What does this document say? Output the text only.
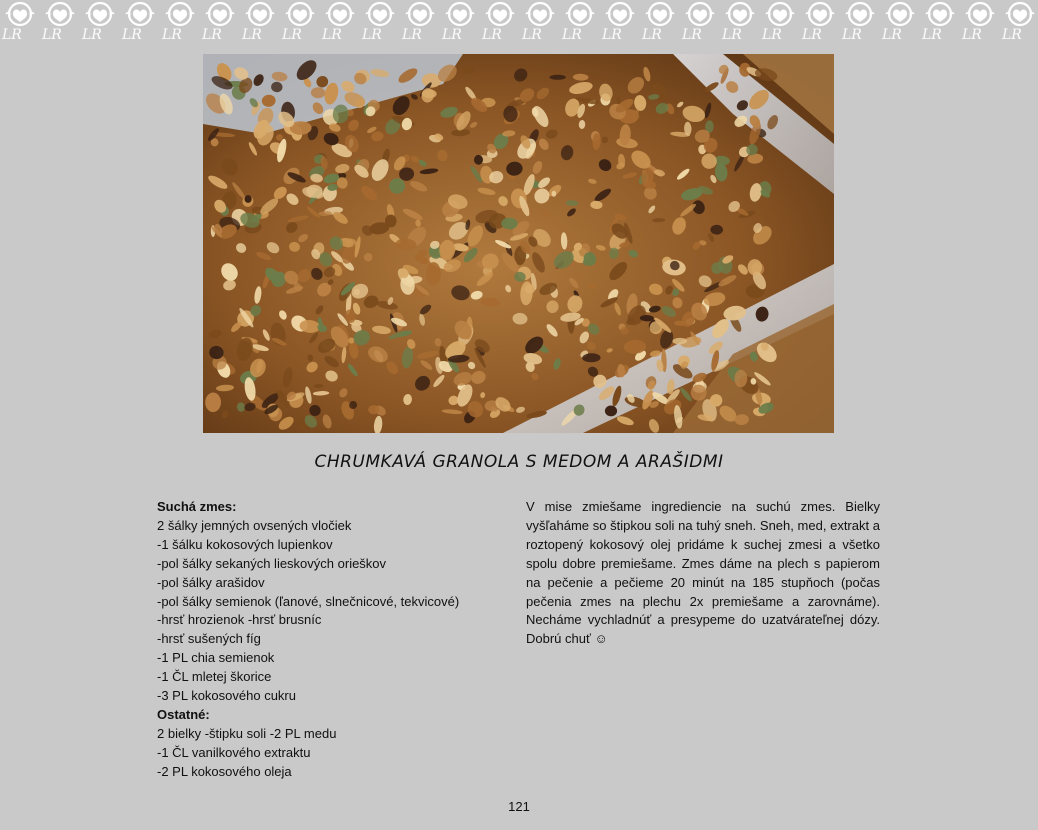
LR LR LR LR LR LR LR LR LR LR LR LR LR LR LR LR LR LR LR LR LR LR LR LR LR LR
CHRUMKAVÁ GRANOLA S MEDOM A ARAŠIDMI
Suchá zmes:
2 šálky jemných ovsených vločiek
-1 šálku kokosových lupienkov
-pol šálky sekaných lieskových orieškov
-pol šálky arašidov
-pol šálky semienok (ľanové, slnečnicové, tekvicové)
-hrsť hrozienok -hrsť brusníc
-hrsť sušených fíg
-1 PL chia semienok
-1 ČL mletej škorice
-3 PL kokosového cukru
Ostatné:
2 bielky -štipku soli -2 PL medu
-1 ČL vanilkového extraktu
-2 PL kokosového oleja
V mise zmiešame ingrediencie na suchú zmes. Bielky vyšľaháme so štipkou soli na tuhý sneh. Sneh, med, extrakt a roztopený kokosový olej pridáme k suchej zmesi a všetko spolu dobre premiešame. Zmes dáme na plech s papierom na pečenie a pečieme 20 minút na 185 stupňoch (počas pečenia zmes na plechu 2x premiešame a zarovnáme). Necháme vychladnúť a presypeme do uzatvárateľnej dózy. Dobrú chuť ☺
121
